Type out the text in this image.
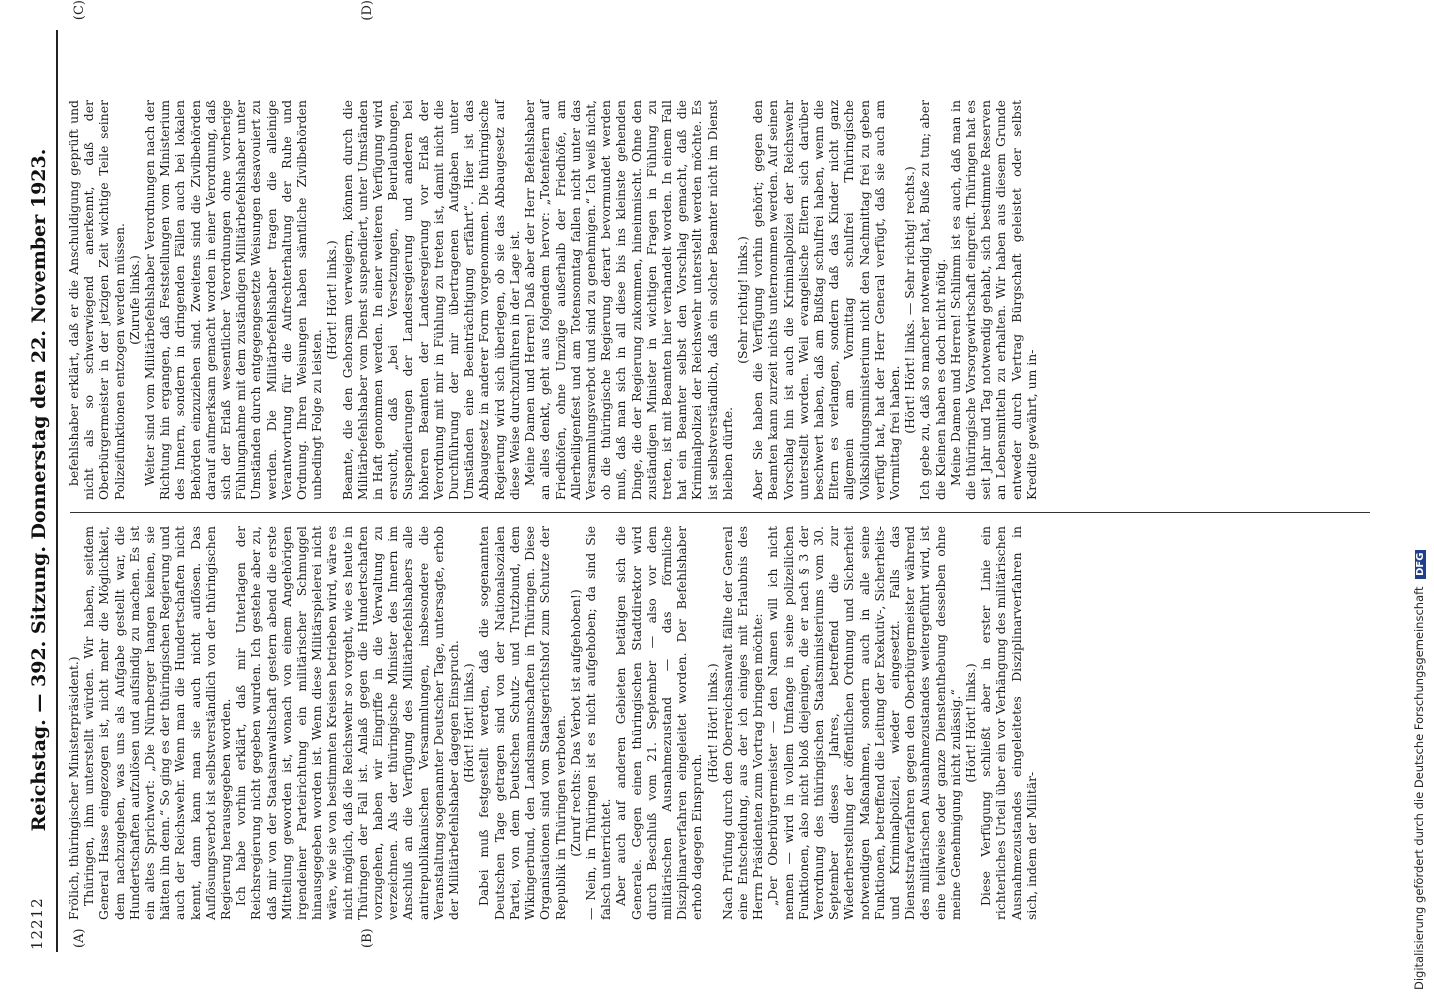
12212
Reichstag. — 392. Sitzung. Donnerstag den 22. November 1923.
(A)	(B)
(C)	(D)

Frölich, thüringischer Ministerpräsident.) Thüringen, ihm unterstellt würden. Wir haben, seitdem General Hasse eingezogen ist, nicht mehr die Möglichkeit, dem nachzugehen, was uns als Aufgabe gestellt war, die Hundertschaften aufzulösen und aufsindig zu machen. Es ist ein altes Sprichwort: „Die Nürnberger hangen keinen, sie hätten ihn denn.“ So ging es der thüringischen Regierung und auch der Reichswehr. Wenn man die Hundertschaften nicht kennt, dann kann man sie auch nicht auflösen. Das Auflösungsverbot ist selbstverständlich von der thüringischen Regierung herausgegeben worden. Ich habe vorhin erklärt, daß mir Unterlagen der Reichsregierung nicht gegeben wurden. Ich gestehe aber zu, daß mir von der Staatsanwaltschaft gestern abend die erste Mitteilung geworden ist, wonach von einem Angehörigen irgendeiner Parteirichtung ein militärischer Schmuggel hinausgegeben worden ist. Wenn diese Militärspielerei nicht wäre, wie sie von bestimmten Kreisen betrieben wird, wäre es nicht möglich, daß die Reichswehr so vorgeht, wie es heute in Thüringen der Fall ist. Anlaß gegen die Hundertschaften vorzugehen, haben wir Eingriffe in die Verwaltung zu verzeichnen. Als der thüringische Minister des Innern im Anschluß an die Verfügung des Militärbefehlshabers alle antirepublikanischen Versammlungen, insbesondere die Veranstaltung sogenannter Deutscher Tage, untersagte, erhob der Militärbefehlshaber dagegen Einspruch. (Hört! Hört! links.) Dabei muß festgestellt werden, daß die sogenannten Deutschen Tage getragen sind von der Nationalsozialen Partei, von dem Deutschen Schutz- und Trutzbund, dem Wikingerbund, den Landsmannschaften in Thüringen. Diese Organisationen sind vom Staatsgerichtshof zum Schutze der Republik in Thüringen verboten. (Zuruf rechts: Das Verbot ist aufgehoben!) — Nein, in Thüringen ist es nicht aufgehoben; da sind Sie falsch unterrichtet. Aber auch auf anderen Gebieten betätigen sich die Generale. Gegen einen thüringischen Stadtdirektor wird durch Beschluß vom 21. September — also vor dem militärischen Ausnahmezustand — das förmliche Disziplinarverfahren eingeleitet worden. Der Befehlshaber erhob dagegen Einspruch.

(Hört! Hört! links.) Nach Prüfung durch den Oberreichsanwalt fällte der General eine Entscheidung, aus der ich einiges mit Erlaubnis des Herrn Präsidenten zum Vortrag bringen möchte: „Der Oberbürgermeister — den Namen will ich nicht nennen — wird in vollem Umfange in seine polizeilichen Funktionen, also nicht bloß diejenigen, die er nach § 3 der Verordnung des thüringischen Staatsministeriums vom 30. September dieses Jahres, betreffend die zur Wiederherstellung der öffentlichen Ordnung und Sicherheit notwendigen Maßnahmen, sondern auch in alle seine Funktionen, betreffend die Leitung der Exekutiv-, Sicherheits- und Kriminalpolizei, wieder eingesetzt. Falls das Dienststrafverfahren gegen den Oberbürgermeister während des militärischen Ausnahmezustandes weitergeführt wird, ist eine teilweise oder ganze Dienstenthebung desselben ohne meine Genehmigung nicht zulässig.“ (Hört! Hört! links.) Diese Verfügung schließt aber in erster Linie ein richterliches Urteil über ein vor Verhängung des militärischen Ausnahmezustandes eingeleitetes Disziplinarverfahren in sich, indem der Militär-

befehlshaber erklärt, daß er die Anschuldigung geprüft und nicht als so schwerwiegend anerkennt, daß der Oberbürgermeister in der jetzigen Zeit wichtige Teile seiner Polizeifunktionen entzogen werden müssen. (Zurufe links.) Weiter sind vom Militärbefehlshaber Verordnungen nach der Richtung hin ergangen, daß Feststellungen vom Ministerium des Innern, sondern in dringenden Fällen auch bei lokalen Behörden einzuziehen sind. Zweitens sind die Zivilbehörden darauf aufmerksam gemacht worden in einer Verordnung, daß sich der Erlaß wesentlicher Verordnungen ohne vorherige Fühlungnahme mit dem zuständigen Militärbefehlshaber unter Umständen durch entgegengesetzte Weisungen desavouiert zu werden. Die Militärbefehlshaber tragen die alleinige Verantwortung für die Aufrechterhaltung der Ruhe und Ordnung. Ihren Weisungen haben sämtliche Zivilbehörden unbedingt Folge zu leisten.

(Hört! Hört! links.) Beamte, die den Gehorsam verweigern, können durch die Militärbefehlshaber vom Dienst suspendiert, unter Umständen in Haft genommen werden. In einer weiteren Verfügung wird ersucht, daß „bei Versetzungen, Beurlaubungen, Suspendierungen der Landesregierung und anderen bei höheren Beamten der Landesregierung vor Erlaß der Verordnung mit mir in Fühlung zu treten ist, damit nicht die Durchführung der mir übertragenen Aufgaben unter Umständen eine Beeinträchtigung erfährt“. Hier ist das Abbaugesetz in anderer Form vorgenommen. Die thüringische Regierung wird sich überlegen, ob sie das Abbaugesetz auf diese Weise durchzuführen in der Lage ist. Meine Damen und Herren! Daß aber der Herr Befehlshaber an alles denkt, geht aus folgendem hervor: „Totenfeiern auf Friedhöfen, ohne Umzüge außerhalb der Friedhöfe, am Allerheiligenfest und am Totensonntag fallen nicht unter das Versammlungsverbot und sind zu genehmigen.“ Ich weiß nicht, ob die thüringische Regierung derart bevormundet werden muß, daß man sich in all diese bis ins kleinste gehenden Dinge, die der Regierung zukommen, hineinmischt. Ohne den zuständigen Minister in wichtigen Fragen in Fühlung zu treten, ist mit Beamten hier verhandelt worden. In einem Fall hat ein Beamter selbst den Vorschlag gemacht, daß die Kriminalpolizei der Reichswehr unterstellt werden möchte. Es ist selbstverständlich, daß ein solcher Beamter nicht im Dienst bleiben dürfte.

(Sehr richtig! links.) Aber Sie haben die Verfügung vorhin gehört; gegen den Beamten kann zurzeit nichts unternommen werden. Auf seinen Vorschlag hin ist auch die Kriminalpolizei der Reichswehr unterstellt worden. Weil evangelische Eltern sich darüber beschwert haben, daß am Bußtag schulfrei haben, wenn die Eltern es verlangen, sondern daß das Kinder nicht ganz allgemein am Vormittag schulfrei Thüringische Volksbildungsministerium nicht den Nachmittag frei zu geben verfügt hat, hat der Herr General verfügt, daß sie auch am Vormittag frei haben. (Hört! Hört! links. — Sehr richtig! rechts.) Ich gebe zu, daß so mancher notwendig hat, Buße zu tun; aber die Kleinen haben es doch nicht nötig. Meine Damen und Herren! Schlimm ist es auch, daß man in die thüringische Vorsorgewirtschaft eingreift. Thüringen hat es seit Jahr und Tag notwendig gehabt, sich bestimmte Reserven an Lebensmitteln zu erhalten. Wir haben aus diesem Grunde entweder durch Vertrag Bürgschaft geleistet oder selbst Kredite gewährt, um in-

Digitalisierung gefördert durch die Deutsche Forschungsgemeinschaft DFG
